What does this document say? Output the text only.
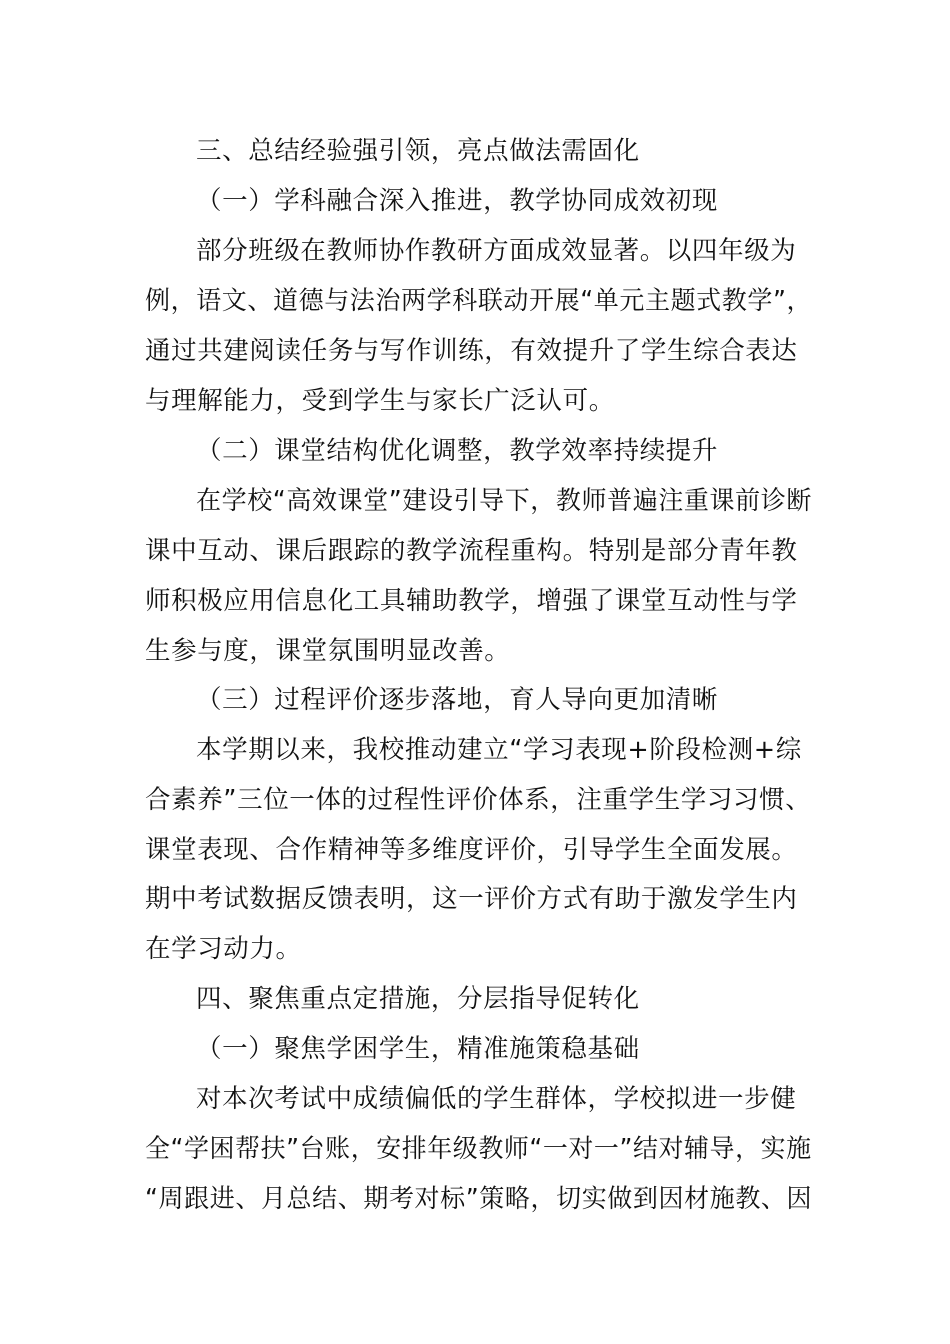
三、总结经验强引领，亮点做法需固化
（一）学科融合深入推进，教学协同成效初现
部分班级在教师协作教研方面成效显著。以四年级为
例，语文、道德与法治两学科联动开展“单元主题式教学”，
通过共建阅读任务与写作训练，有效提升了学生综合表达
与理解能力，受到学生与家长广泛认可。
（二）课堂结构优化调整，教学效率持续提升
在学校“高效课堂”建设引导下，教师普遍注重课前诊断
课中互动、课后跟踪的教学流程重构。特别是部分青年教
师积极应用信息化工具辅助教学，增强了课堂互动性与学
生参与度，课堂氛围明显改善。
（三）过程评价逐步落地，育人导向更加清晰
本学期以来，我校推动建立“学习表现+阶段检测+综
合素养”三位一体的过程性评价体系，注重学生学习习惯、
课堂表现、合作精神等多维度评价，引导学生全面发展。
期中考试数据反馈表明，这一评价方式有助于激发学生内
在学习动力。
四、聚焦重点定措施，分层指导促转化
（一）聚焦学困学生，精准施策稳基础
对本次考试中成绩偏低的学生群体，学校拟进一步健
全“学困帮扶”台账，安排年级教师“一对一”结对辅导，实施
“周跟进、月总结、期考对标”策略，切实做到因材施教、因
